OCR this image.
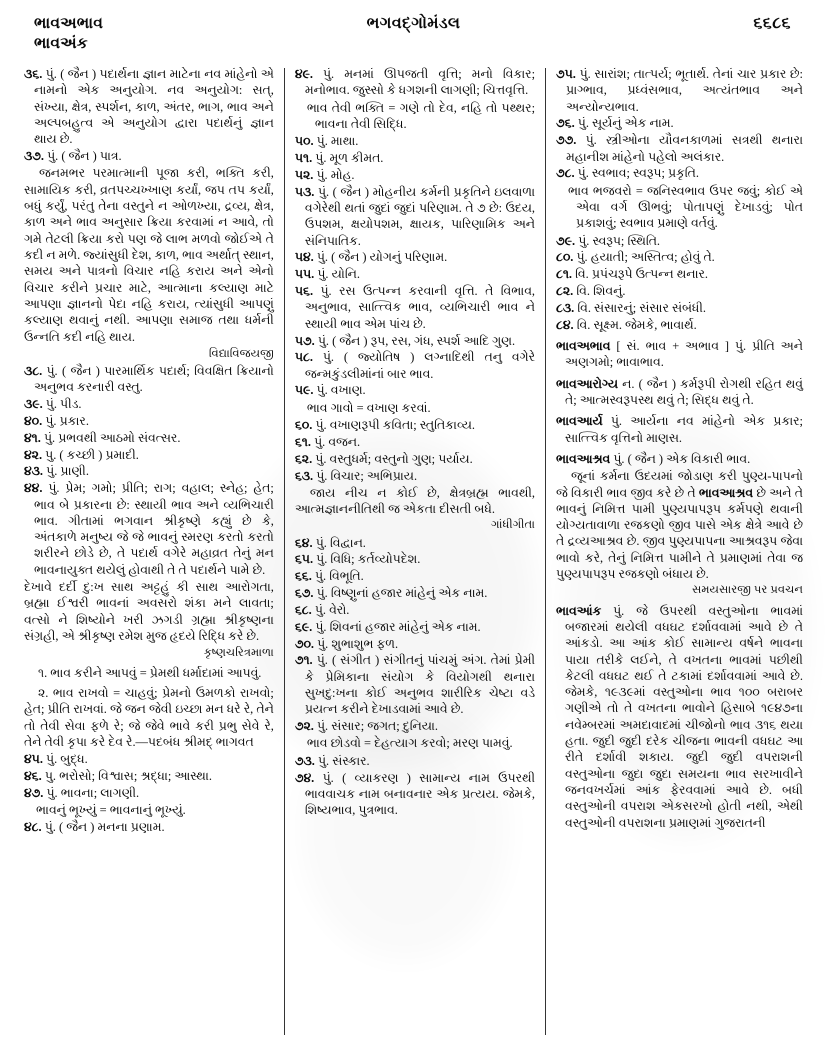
ભાવઅભાવ
ભાવઅંક
ભગવદ્ગોમંડલ	૬૬૮૬

૩૬. પું. ( જૈન ) પદાર્થના જ્ઞાન માટેના નવ માંહેનો એ નામનો એક અનુયોગ. નવ અનુયોગ: સત્, સંખ્યા, ક્ષેત્ર, સ્પર્શન, કાળ, અંતર, ભાગ, ભાવ અને અલ્પબહુત્વ એ અનુયોગ દ્વારા પદાર્થનું જ્ઞાન થાય છે.

૩૭. પું. ( જૈન ) પાત્ર.

જનમભર પરમાત્માની પૂજા કરી, ભક્તિ કરી, સામાયિક કરી, વ્રતપચ્ચખ્ખાણ કર્યાં, જપ તપ કર્યાં, બધું કર્યું, પરંતુ તેના વસ્તુને ન ઓળખ્યા, દ્રવ્ય, ક્ષેત્ર, કાળ અને ભાવ અનુસાર ક્રિયા કરવામાં ન આવે, તો ગમે તેટલી ક્રિયા કરો પણ જે લાભ મળવો જોઈએ તે કદી ન મળે. જ્યાંસુધી દેશ, કાળ, ભાવ અર્થાત્ સ્થાન, સમય અને પાત્રનો વિચાર નહિ કરાય અને એનો વિચાર કરીને પ્રચાર માટે, આત્માના કલ્યાણ માટે આપણા જ્ઞાનનો પેદા નહિ કરાય, ત્યાંસુધી આપણું કલ્યાણ થવાનું નથી. આપણા સમાજ તથા ધર્મની ઉન્નતિ કદી નહિ થાય.

વિદ્યાવિજયજી

૩૮. પું. ( જૈન ) પારમાર્થિક પદાર્થ; વિવક્ષિત ક્રિયાનો અનુભવ કરનારી વસ્તુ.

૩૯. પું. પીડ.

૪૦. પું. પ્રકાર.

૪૧. પું. પ્રભવથી આઠમો સંવત્સર.

૪૨. પુ. ( કચ્છી ) પ્રમાદી.

૪૩. પું. પ્રાણી.

૪૪. પું. પ્રેમ; ગમો; પ્રીતિ; રાગ; વહાલ; સ્નેહ; હેત; ભાવ બે પ્રકારના છે: સ્થાયી ભાવ અને વ્યભિચારી ભાવ. ગીતામાં ભગવાન શ્રીકૃષ્ણે કહ્યું છે કે, અંતકાળે મનુષ્ય જે જે ભાવનું સ્મરણ કરતો કરતો શરીરને છોડે છે, તે પદાર્થ વગેરે મહાવ્રત તેનું મન ભાવનાયુક્ત થયેલું હોવાથી તે તે પદાર્થને પામે છે.

દેખાવે દર્દી દુ:ખ સાથ અટ્ટહું કી સાથ આરોગતા, બ્રહ્મા ઈશ્વરી ભાવનાં અવસરો શંકા મને લાવતા; વત્સો ને શિષ્યોને ખરી ઝગડી ગ્રહ્મા શ્રીકૃષ્ણના સંગ્રહી, એ શ્રીકૃષ્ણ રમેશ મુજ હૃદયે રિદ્ધિ કરે છે.

કૃષ્ણચરિત્રમાળા

૧. ભાવ કરીને આપવું = પ્રેમથી ધર્માદામાં આપવું.

૨. ભાવ રાખવો = ચાહવું; પ્રેમનો ઉમળકો રાખવો; હેત; પ્રીતિ રાખવાં. જે જન જેવી ઇચ્છા મન ધરે રે, તેને તો તેવી સેવા ફળે રે; જે જેવે ભાવે કરી પ્રભુ સેવે રે, તેને તેવી કૃપા કરે દેવ રે.—પદબંધ શ્રીમદ્ ભાગવત

૪૫. પું. બુદ્ધ.

૪૬. પુ. ભરોસો; વિશ્વાસ; શ્રદ્ધા; આસ્થા.

૪૭. પું. ભાવના; લાગણી.

ભાવનું ભૂખ્યું = ભાવનાનું ભૂખ્યું.

૪૮. પું. ( જૈન ) મનના પ્રણામ.

૪૯. પું. મનમાં ઊપજતી વૃત્તિ; મનો વિકાર; મનોભાવ. જુસ્સો કે ધગશની લાગણી; ચિત્તવૃત્તિ.

ભાવ તેવી ભક્તિ = ગણે તો દેવ, નહિ તો પથ્થર; ભાવના તેવી સિદ્ધિ.

૫૦. પું. માથા.

૫૧. પું. મૂળ કીમત.

૫૨. પું. મોહ.

૫૩. પું. ( જૈન ) મોહનીય કર્મની પ્રકૃતિને ઇલવાળા વગેરેથી થતાં જુદાં જુદાં પરિણામ. તે ૭ છે: ઉદય, ઉપશમ, ક્ષયોપશમ, ક્ષાયક, પારિણામિક અને સંનિપાતિક.

૫૪. પું. ( જૈન ) યોગનું પરિણામ.

૫૫. પું. યોનિ.

૫૬. પું. રસ ઉત્પન્ન કરવાની વૃત્તિ. તે વિભાવ, અનુભાવ, સાત્ત્વિક ભાવ, વ્યભિચારી ભાવ ને સ્થાયી ભાવ એમ પાંચ છે.

૫૭. પું. ( જૈન ) રૂપ, રસ, ગંધ, સ્પર્શ આદિ ગુણ.

૫૮. પું. ( જ્યોતિષ ) લગ્નાદિથી તનુ વગેરે જન્મકુંડલીમાંનાં બાર ભાવ.

૫૯. પું. વખાણ.

ભાવ ગાવો = વખાણ કરવાં.

૬૦. પું. વખાણરૂપી કવિતા; સ્તુતિકાવ્ય.

૬૧. પું. વજન.

૬૨. પું. વસ્તુધર્મ; વસ્તુનો ગુણ; પર્યાય.

૬૩. પું. વિચાર; અભિપ્રાય.

જાય નીચ ન કોઈ છે, ક્ષેત્રબ્રહ્મ ભાવથી, આત્મજ્ઞાનનીતિથી જ એકતા દીસતી બધે.

ગાંધીગીતા

૬૪. પું. વિદ્વાન.

૬૫. પું. વિધિ; કર્તવ્યોપદેશ.

૬૬. પું. વિભૂતિ.

૬૭. પું. વિષ્ણુનાં હજાર માંહેનું એક નામ.

૬૮. પું. વેરો.

૬૯. પું. શિવનાં હજાર માંહેનું એક નામ.

૭૦. પું. શુભાશુભ ફળ.

૭૧. પું. ( સંગીત ) સંગીતનું પાંચમું અંગ. તેમાં પ્રેમી કે પ્રેમિકાના સંયોગ કે વિયોગથી થનારા સુખદુ:ખના કોઈ અનુભવ શારીરિક ચેષ્ટા વડે પ્રયત્ન કરીને દેખાડવામાં આવે છે.

૭૨. પું. સંસાર; જગત; દુનિયા.

ભાવ છોડવો = દેહત્યાગ કરવો; મરણ પામવું.

૭૩. પું. સંસ્કાર.

૭૪. પું. ( વ્યાકરણ ) સામાન્ય નામ ઉપરથી ભાવવાચક નામ બનાવનાર એક પ્રત્યય. જેમકે, શિષ્યભાવ, પુત્રભાવ.

૭૫. પું. સારાંશ; તાત્પર્ય; ભૂતાર્થ. તેનાં ચાર પ્રકાર છે: પ્રાગ્ભાવ, પ્રધ્વંસભાવ, અત્યંતભાવ અને અન્યોન્યભાવ.

૭૬. પું. સૂર્યનું એક નામ.

૭૭. પું. સ્ત્રીઓના યૌવનકાળમાં સત્રથી થનારા મહાનીશ માંહેનો પહેલો અલંકાર.

૭૮. પું. સ્વભાવ; સ્વરૂપ; પ્રકૃતિ.

ભાવ ભજવરો = જનિસ્વભાવ ઉપર જવું; કોઈ એ એવા વર્ગ ઊભવું; પોતાપણું દેખાડવું; પોત પ્રકાશવું; સ્વભાવ પ્રમાણે વર્તવું.

૭૯. પું. સ્વરૂપ; સ્થિતિ.

૮૦. પું. હયાતી; અસ્તિત્વ; હોવું તે.

૮૧. વિ. પ્રપંચરૂપે ઉત્પન્ન થનાર.

૮૨. વિ. શિવનું.

૮૩. વિ. સંસારનું; સંસાર સંબંધી.

૮૪. વિ. સૂક્ષ્મ. જેમકે, ભાવાર્થ.

ભાવઅભાવ [ સં. ભાવ + અભાવ ] પું. પ્રીતિ અને અણગમો; ભાવાભાવ.

ભાવઆરોગ્ય ન. ( જૈન ) કર્મરૂપી રોગથી રહિત થવું તે; આત્મસ્વરૂપસ્થ થવું તે; સિદ્ધ થવું તે.

ભાવઆર્ય પું. આર્યના નવ માંહેનો એક પ્રકાર; સાત્ત્વિક વૃત્તિનો માણસ.

ભાવઆશ્રવ પું. ( જૈન ) એક વિકારી ભાવ.

જૂનાં કર્મના ઉદયમાં જોડાણ કરી પુણ્ય-પાપનો જે વિકારી ભાવ જીવ કરે છે તે ભાવઆશ્રવ છે અને તે ભાવનું નિમિત્ત પામી પુણ્યપાપરૂપ કર્મપણે થવાની યોગ્યતાવાળા રજકણો જીવ પાસે એક ક્ષેત્રે આવે છે તે દ્રવ્યઆશ્રવ છે. જીવ પુણ્યપાપના આશ્રવરૂપ જેવા ભાવો કરે, તેનું નિમિત્ત પામીને તે પ્રમાણમાં તેવા જ પુણ્યપાપરૂપ રજકણો બંધાય છે.

સમયસારજી પર પ્રવચન

ભાવઆંક પું. જે ઉપરથી વસ્તુઓના ભાવમાં બજારમાં થયેલી વધઘટ દર્શાવવામાં આવે છે તે આંકડો. આ આંક કોઈ સામાન્ય વર્ષને ભાવના પાયા તરીકે લઈને, તે વખતના ભાવમાં પછીથી કેટલી વધઘટ થઈ તે ટકામાં દર્શાવવામાં આવે છે. જેમકે, ૧૯૩૯માં વસ્તુઓના ભાવ ૧૦૦ બરાબર ગણીએ તો તે વખતના ભાવોને હિસાબે ૧૯૪૭ના નવેમ્બરમાં અમદાવાદમાં ચીજોનો ભાવ ૩૧૬ થયા હતા. જુદી જુદી દરેક ચીજના ભાવની વધઘટ આ રીતે દર્શાવી શકાય. જુદી જુદી વપરાશની વસ્તુઓના જુદા જુદા સમયના ભાવ સરખાવીને જનવખર્ચમાં આંક ફેરવવામાં આવે છે. બધી વસ્તુઓની વપરાશ એકસરખો હોતી નથી, એથી વસ્તુઓની વપરાશના પ્રમાણમાં ગુજરાતની
